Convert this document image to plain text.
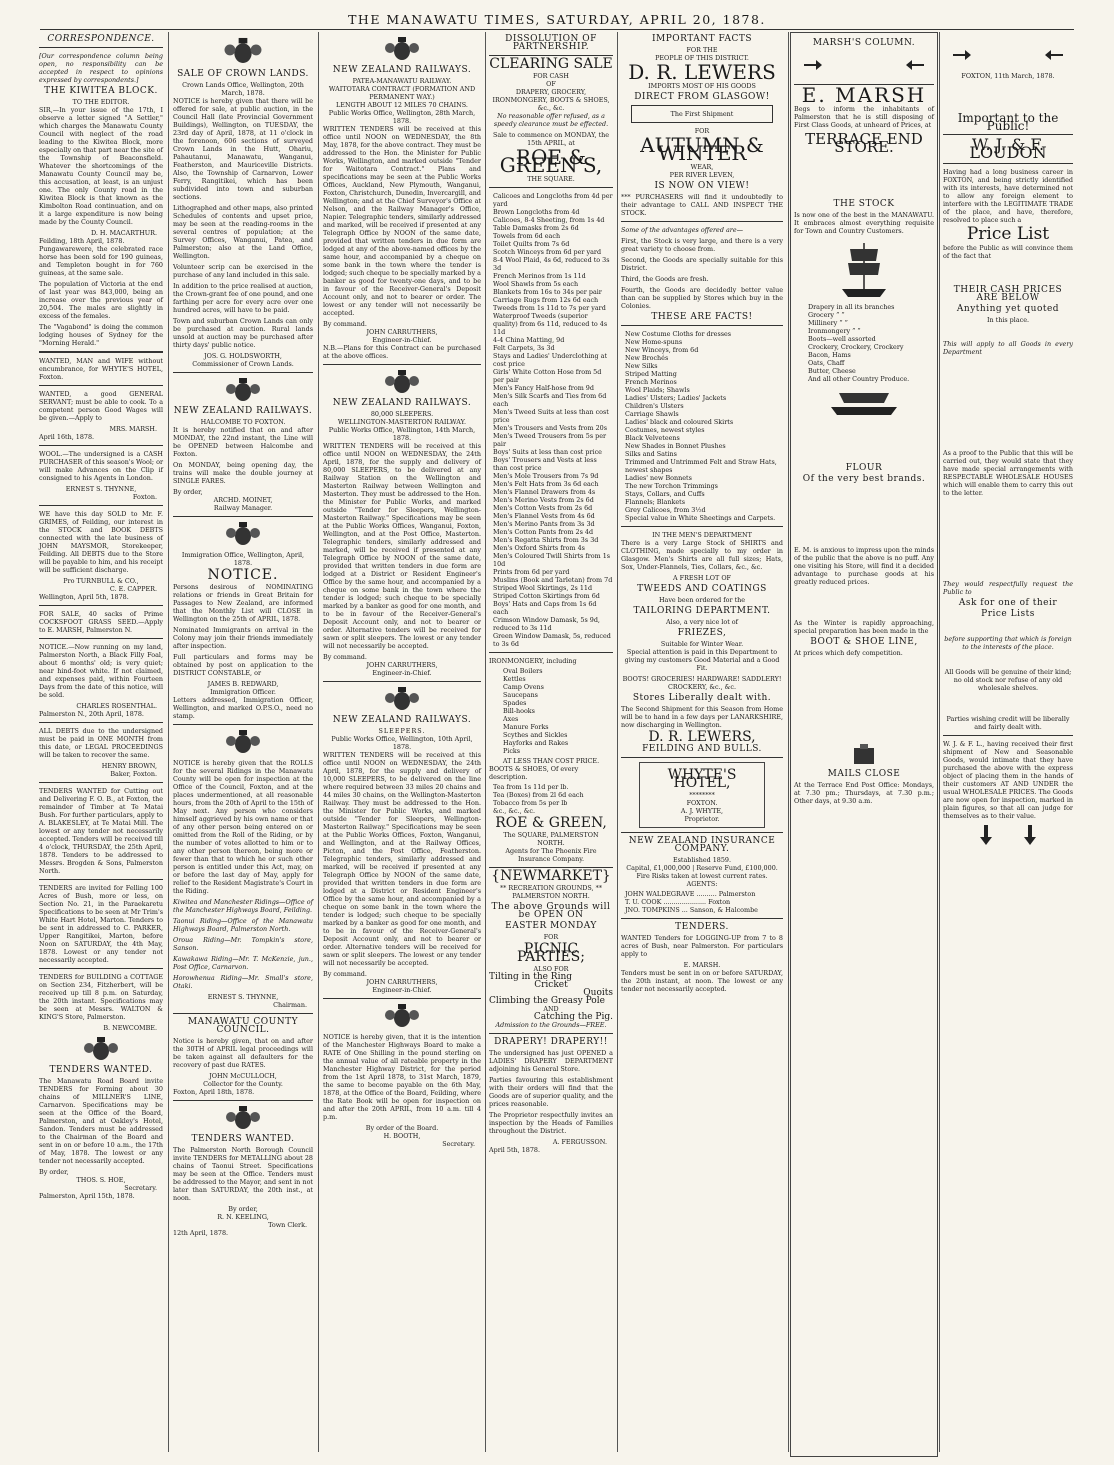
THE MANAWATU TIMES, SATURDAY, APRIL 20, 1878.
CORRESPONDENCE.

[Our correspondence column being open, no responsibility can be accepted in respect to opinions expressed by correspondents.]

THE KIWITEA BLOCK.
TO THE EDITOR.

SIR,—In your issue of the 17th, I observe a letter signed "A Settler," which charges the Manawatu County Council with neglect of the road leading to the Kiwitea Block, more especially on that part near the site of the Township of Beaconsfield. Whatever the shortcomings of the Manawatu County Council may be, this accusation, at least, is an unjust one. The only County road in the Kiwitea Block is that known as the Kimbolton Road continuation, and on it a large expenditure is now being made by the County Council.

D. H. MACARTHUR.
Feilding, 18th April, 1878.

Pungawarewere, the celebrated race horse has been sold for 190 guineas, and Templeton bought in for 760 guineas, at the same sale.

The population of Victoria at the end of last year was 843,000, being an increase over the previous year of 20,504. The males are slightly in excess of the females.

The "Vagabond" is doing the common lodging houses of Sydney for the "Morning Herald."

WANTED, MAN and WIFE without encumbrance, for WHYTE'S HOTEL, Foxton.

WANTED, a good GENERAL SERVANT; must be able to cook. To a competent person Good Wages will be given.—Apply to

MRS. MARSH.
April 16th, 1878.

WOOL.—The undersigned is a CASH PURCHASER of this season's Wool; or will make Advances on the Clip if consigned to his Agents in London.

ERNEST S. THYNNE,
Foxton.

WE have this day SOLD to Mr. F. GRIMES, of Feilding, our interest in the STOCK and BOOK DEBTS connected with the late business of JOHN MAYSMOR, Storekeeper, Feilding. All DEBTS due to the Store will be payable to him, and his receipt will be sufficient discharge.

Pro TURNBULL & CO.,
C. E. CAPPER.
Wellington, April 5th, 1878.

FOR SALE, 40 sacks of Prime COCKSFOOT GRASS SEED.—Apply to E. MARSH, Palmerston N.

NOTICE.—Now running on my land, Palmerston North, a Black Filly Foal, about 6 months' old; is very quiet; near hind-foot white. If not claimed, and expenses paid, within Fourteen Days from the date of this notice, will be sold.

CHARLES ROSENTHAL.
Palmerston N., 20th April, 1878.

ALL DEBTS due to the undersigned must be paid in ONE MONTH from this date, or LEGAL PROCEEDINGS will be taken to recover the same.

HENRY BROWN,
Baker, Foxton.

TENDERS WANTED for Cutting out and Delivering F. O. B., at Foxton, the remainder of Timber at Te Matai Bush. For further particulars, apply to A. BLAKESLEY, at Te Matai Mill. The lowest or any tender not necessarily accepted. Tenders will be received till 4 o'clock, THURSDAY, the 25th April, 1878. Tenders to be addressed to Messrs. Brogden & Sons, Palmerston North.

TENDERS are invited for Felling 100 Acres of Bush, more or less, on Section No. 21, in the Paraekaretu Specifications to be seen at Mr Trim's White Hart Hotel, Marton. Tenders to be sent in addressed to C. PARKER, Upper Rangitikei, Marton, before Noon on SATURDAY, the 4th May, 1878. Lowest or any tender not necessarily accepted.

TENDERS for BUILDING a COTTAGE on Section 234, Fitzherbert, will be received up till 8 p.m. on Saturday, the 20th instant. Specifications may be seen at Messrs. WALTON & KING'S Store, Palmerston.

B. NEWCOMBE.
TENDERS WANTED.

The Manawatu Road Board invite TENDERS for Forming about 30 chains of MILLNER'S LINE, Carnarvon. Specifications may be seen at the Office of the Board, Palmerston, and at Oakley's Hotel, Sandon. Tenders must be addressed to the Chairman of the Board and sent in on or before 10 a.m., the 17th of May, 1878. The lowest or any tender not necessarily accepted.

By order,
THOS. S. HOE,
Secretary.
Palmerston, April 15th, 1878.
SALE OF CROWN LANDS.
Crown Lands Office, Wellington, 20th March, 1878.

NOTICE is hereby given that there will be offered for sale, at public auction, in the Council Hall (late Provincial Government Buildings), Wellington, on TUESDAY, the 23rd day of April, 1878, at 11 o'clock in the forenoon, 606 sections of surveyed Crown Lands in the Hutt, Ohariu, Pahautanui, Manawatu, Wanganui, Featherston, and Mauriceville Districts. Also, the Township of Carnarvon, Lower Ferry, Rangitikei, which has been subdivided into town and suburban sections.

Lithographed and other maps, also printed Schedules of contents and upset price, may be seen at the reading-rooms in the several centres of population; at the Survey Offices, Wanganui, Patea, and Palmerston; also at the Land Office, Wellington.

Volunteer scrip can be exercised in the purchase of any land included in this sale.

In addition to the price realised at auction, the Crown-grant fee of one pound, and one farthing per acre for every acre over one hundred acres, will have to be paid.

Town and suburban Crown Lands can only be purchased at auction. Rural lands unsold at auction may be purchased after thirty days' public notice.

JOS. G. HOLDSWORTH,
Commissioner of Crown Lands.
NEW ZEALAND RAILWAYS.
HALCOMBE TO FOXTON.

It is hereby notified that on and after MONDAY, the 22nd instant, the Line will be OPENED between Halcombe and Foxton.

On MONDAY, being opening day, the trains will make the double journey at SINGLE FARES.

By order,
ARCHD. MOINET,
Railway Manager.
Immigration Office, Wellington, April, 1878.
NOTICE.

Persons desirous of NOMINATING relations or friends in Great Britain for Passages to New Zealand, are informed that the Monthly List will CLOSE in Wellington on the 25th of APRIL, 1878.

Nominated Immigrants on arrival in the Colony may join their friends immediately after inspection.

Full particulars and forms may be obtained by post on application to the DISTRICT CONSTABLE, or

JAMES B. REDWARD,
Immigration Officer.

Letters addressed, Immigration Officer, Wellington, and marked O.P.S.O., need no stamp.

NOTICE is hereby given that the ROLLS for the several Ridings in the Manawatu County will be open for inspection at the Office of the Council, Foxton, and at the places undermentioned, at all reasonable hours, from the 20th of April to the 15th of May next. Any person who considers himself aggrieved by his own name or that of any other person being entered on or omitted from the Roll of the Riding, or by the number of votes allotted to him or to any other person thereon, being more or fewer than that to which he or such other person is entitled under this Act, may, on or before the last day of May, apply for relief to the Resident Magistrate's Court in the Riding.

Kiwitea and Manchester Ridings—Office of the Manchester Highways Board, Feilding.

Taonui Riding—Office of the Manawatu Highways Board, Palmerston North.

Oroua Riding—Mr. Tompkin's store, Sanson.

Kawakawa Riding—Mr. T. McKenzie, jun., Post Office, Carnarvon.

Horowhenua Riding—Mr. Small's store, Otaki.

ERNEST S. THYNNE,
Chairman.
MANAWATU COUNTY COUNCIL.

Notice is hereby given, that on and after the 30TH of APRIL legal proceedings will be taken against all defaulters for the recovery of past due RATES.

JOHN McCULLOCH,
Collector for the County.
Foxton, April 18th, 1878.
TENDERS WANTED.

The Palmerston North Borough Council invite TENDERS for METALLING about 28 chains of Taonui Street. Specifications may be seen at the Office. Tenders must be addressed to the Mayor, and sent in not later than SATURDAY, the 20th inst., at noon.

By order,
R. N. KEELING,
Town Clerk.
12th April, 1878.
NEW ZEALAND RAILWAYS.
PATEA-MANAWATU RAILWAY.
WAITOTARA CONTRACT (FORMATION AND PERMANENT WAY.)
LENGTH ABOUT 12 MILES 70 CHAINS.
Public Works Office, Wellington, 28th March, 1878.

WRITTEN TENDERS will be received at this office until NOON on WEDNESDAY, the 8th May, 1878, for the above contract. They must be addressed to the Hon. the Minister for Public Works, Wellington, and marked outside "Tender for Waitotara Contract." Plans and specifications may be seen at the Public Works Offices, Auckland, New Plymouth, Wanganui, Foxton, Christchurch, Dunedin, Invercargill, and Wellington; and at the Chief Surveyor's Office at Nelson, and the Railway Manager's Office, Napier. Telegraphic tenders, similarly addressed and marked, will be received if presented at any Telegraph Office by NOON of the same date, provided that written tenders in due form are lodged at any of the above-named offices by the same hour, and accompanied by a cheque on some bank in the town where the tender is lodged; such cheque to be specially marked by a banker as good for twenty-one days, and to be in favour of the Receiver-General's Deposit Account only, and not to bearer or order. The lowest or any tender will not necessarily be accepted.

By command.
JOHN CARRUTHERS,
Engineer-in-Chief.

N.B.—Plans for this Contract can be purchased at the above offices.

NEW ZEALAND RAILWAYS.
80,000 SLEEPERS.
WELLINGTON-MASTERTON RAILWAY.
Public Works Office, Wellington, 14th March, 1878.

WRITTEN TENDERS will be received at this office until NOON on WEDNESDAY, the 24th April, 1878, for the supply and delivery of 80,000 SLEEPERS, to be delivered at any Railway Station on the Wellington and Masterton Railway between Wellington and Masterton. They must be addressed to the Hon. the Minister for Public Works, and marked outside "Tender for Sleepers, Wellington-Masterton Railway." Specifications may be seen at the Public Works Offices, Wanganui, Foxton, Wellington, and at the Post Office, Masterton. Telegraphic tenders, similarly addressed and marked, will be received if presented at any Telegraph Office by NOON of the same date, provided that written tenders in due form are lodged at a District or Resident Engineer's Office by the same hour, and accompanied by a cheque on some bank in the town where the tender is lodged; such cheque to be specially marked by a banker as good for one month, and to be in favour of the Receiver-General's Deposit Account only, and not to bearer or order. Alternative tenders will be received for sawn or split sleepers. The lowest or any tender will not necessarily be accepted.

By command.
JOHN CARRUTHERS,
Engineer-in-Chief.
NEW ZEALAND RAILWAYS.
SLEEPERS.
Public Works Office, Wellington, 10th April, 1878.

WRITTEN TENDERS will be received at this office until NOON on WEDNESDAY, the 24th April, 1878, for the supply and delivery of 10,000 SLEEPERS, to be delivered on the line where required between 33 miles 20 chains and 44 miles 30 chains, on the Wellington-Masterton Railway. They must be addressed to the Hon. the Minister for Public Works, and marked outside "Tender for Sleepers, Wellington-Masterton Railway." Specifications may be seen at the Public Works Offices, Foxton, Wanganui, and Wellington, and at the Railway Offices, Picton, and the Post Office, Featherston. Telegraphic tenders, similarly addressed and marked, will be received if presented at any Telegraph Office by NOON of the same date, provided that written tenders in due form are lodged at a District or Resident Engineer's Office by the same hour, and accompanied by a cheque on some bank in the town where the tender is lodged; such cheque to be specially marked by a banker as good for one month, and to be in favour of the Receiver-General's Deposit Account only, and not to bearer or order. Alternative tenders will be received for sawn or split sleepers. The lowest or any tender will not necessarily be accepted.

By command.
JOHN CARRUTHERS,
Engineer-in-Chief.

NOTICE is hereby given, that it is the intention of the Manchester Highways Board to make a RATE of One Shilling in the pound sterling on the annual value of all rateable property in the Manchester Highway District, for the period from the 1st April 1878, to 31st March, 1879, the same to become payable on the 6th May, 1878, at the Office of the Board, Feilding, where the Rate Book will be open for inspection on and after the 20th APRIL, from 10 a.m. till 4 p.m.

By order of the Board.
H. BOOTH,
Secretary.
DISSOLUTION OF PARTNERSHIP.
CLEARING SALE
FOR CASH
OF
DRAPERY, GROCERY, IRONMONGERY, BOOTS & SHOES, &c., &c.

No reasonable offer refused, as a speedy clearance must be effected.

Sale to commence on MONDAY, the 15th APRIL, at
ROE & GREEN'S,
THE SQUARE.
Calicoes and Longcloths from 4d per yard
Brown Longcloths from 4d
Calicoes, 8-4 Sheeting, from 1s 4d
Table Damasks from 2s 6d
Towels from 6d each
Toilet Quilts from 7s 6d
Scotch Winceys from 6d per yard
8-4 Wool Plaid, 4s 6d, reduced to 3s 3d
French Merinos from 1s 11d
Wool Shawls from 5s each
Blankets from 16s to 34s per pair
Carriage Rugs from 12s 6d each
Tweeds from 1s 11d to 7s per yard
Waterproof Tweeds (superior quality) from 6s 11d, reduced to 4s 11d
4-4 China Matting, 9d
Felt Carpets, 3s 3d
Stays and Ladies' Underclothing at cost price
Girls' White Cotton Hose from 5d per pair
Men's Fancy Half-hose from 9d
Men's Silk Scarfs and Ties from 6d each
Men's Tweed Suits at less than cost price
Men's Trousers and Vests from 20s
Men's Tweed Trousers from 5s per pair
Boys' Suits at less than cost price
Boys' Trousers and Vests at less than cost price
Men's Mole Trousers from 7s 9d
Men's Felt Hats from 3s 6d each
Men's Flannel Drawers from 4s
Men's Merino Vests from 2s 6d
Men's Cotton Vests from 2s 6d
Men's Flannel Vests from 4s 6d
Men's Merino Pants from 3s 3d
Men's Cotton Pants from 2s 4d
Men's Regatta Shirts from 3s 3d
Men's Oxford Shirts from 4s
Men's Coloured Twill Shirts from 1s 10d
Prints from 6d per yard
Muslins (Book and Tarletan) from 7d
Striped Wool Skirtings, 2s 11d
Striped Cotton Skirtings from 6d
Boys' Hats and Caps from 1s 6d each
Crimson Window Damask, 5s 9d, reduced to 3s 11d
Green Window Damask, 5s, reduced to 3s 6d
IRONMONGERY, including
Oval Boilers
Kettles
Camp Ovens
Saucepans
Spades
Bill-hooks
Axes
Manure Forks
Scythes and Sickles
Hayforks and Rakes
Picks
AT LESS THAN COST PRICE.
BOOTS & SHOES, Of every description.
Tea from 1s 11d per lb.
Tea (Boxes) from 2l 6d each
Tobacco from 5s per lb
&c., &c., &c.
ROE & GREEN,
The SQUARE, PALMERSTON NORTH.
Agents for The Phoenix Fire Insurance Company.
{NEWMARKET}
** RECREATION GROUNDS, **
PALMERSTON NORTH.
The above Grounds will be OPEN ON
EASTER MONDAY
FOR
PICNIC PARTIES;
ALSO FOR
Tilting in the Ring
Cricket
Quoits
Climbing the Greasy Pole
AND
Catching the Pig.
Admission to the Grounds—FREE.
DRAPERY! DRAPERY!!

The undersigned has just OPENED a LADIES' DRAPERY DEPARTMENT adjoining his General Store.

Parties favouring this establishment with their orders will find that the Goods are of superior quality, and the prices reasonable.

The Proprietor respectfully invites an inspection by the Heads of Families throughout the District.

A. FERGUSSON.
April 5th, 1878.
IMPORTANT FACTS
FOR THE
PEOPLE OF THIS DISTRICT.
D. R. LEWERS
IMPORTS MOST OF HIS GOODS
DIRECT FROM GLASGOW!
The First Shipment
FOR
AUTUMN & WINTER
WEAR,
PER RIVER LEVEN,
IS NOW ON VIEW!

*** PURCHASERS will find it undoubtedly to their advantage to CALL AND INSPECT THE STOCK.

Some of the advantages offered are—

First, the Stock is very large, and there is a very great variety to choose from.

Second, the Goods are specially suitable for this District.

Third, the Goods are fresh.

Fourth, the Goods are decidedly better value than can be supplied by Stores which buy in the Colonies.

THESE ARE FACTS!
New Costume Cloths for dresses
New Home-spuns
New Winceys, from 6d
New Brochés
New Silks
Striped Matting
French Merinos
Wool Plaids; Shawls
Ladies' Ulsters; Ladies' Jackets
Children's Ulsters
Carriage Shawls
Ladies' black and coloured Skirts
Costumes, newest styles
Black Velveteens
New Shades in Bonnet Plushes
Silks and Satins
Trimmed and Untrimmed Felt and Straw Hats, newest shapes
Ladies' new Bonnets
The new Torchon Trimmings
Stays, Collars, and Cuffs
Flannels; Blankets
Grey Calicoes, from 3½d
Special value in White Sheetings and Carpets.
IN THE MEN'S DEPARTMENT

There is a very Large Stock of SHIRTS and CLOTHING, made specially to my order in Glasgow. Men's Shirts are all full sizes; Hats, Sox, Under-Flannels, Ties, Collars, &c., &c.

A FRESH LOT OF
TWEEDS AND COATINGS
Have been ordered for the
TAILORING DEPARTMENT.
Also, a very nice lot of
FRIEZES,
Suitable for Winter Wear.

Special attention is paid in this Department to giving my customers Good Material and a Good Fit.

BOOTS! GROCERIES! HARDWARE! SADDLERY! CROCKERY, &c., &c.

Stores Liberally dealt with.

The Second Shipment for this Season from Home will be to hand in a few days per LANARKSHIRE, now discharging in Wellington.

D. R. LEWERS,
FEILDING AND BULLS.
WHYTE'S HOTEL,
********
FOXTON.
A. J. WHYTE,
Proprietor.
NEW ZEALAND INSURANCE COMPANY.
Established 1859.
Capital, £1,000,000 | Reserve Fund, £100,000.
Fire Risks taken at lowest current rates.
AGENTS:
JOHN WALDEGRAVE .......... Palmerston
T. U. COOK ..................... Foxton
JNO. TOMPKINS ... Sanson, & Halcombe
TENDERS.

WANTED Tenders for LOGGING-UP from 7 to 8 acres of Bush, near Palmerston. For particulars apply to

E. MARSH.

Tenders must be sent in on or before SATURDAY, the 20th instant, at noon. The lowest or any tender not necessarily accepted.

MARSH'S COLUMN.
E. MARSH

Begs to inform the inhabitants of Palmerston that he is still disposing of First Class Goods, at unheard of Prices, at

TERRACE END STORE.
THE STOCK

Is now one of the best in the MANAWATU. It embraces almost everything requisite for Town and Country Customers.

Drapery in all its branches
Grocery ” ”
Millinery ” ”
Ironmongery ” ”
Boots—well assorted
Crockery, Crockery, Crockery
Bacon, Hams
Oats, Chaff
Butter, Cheese
And all other Country Produce.
FLOUR
Of the very best brands.

E. M. is anxious to impress upon the minds of the public that the above is no puff. Any one visiting his Store, will find it a decided advantage to purchase goods at his greatly reduced prices.

As the Winter is rapidly approaching, special preparation has been made in the

BOOT & SHOE LINE,

At prices which defy competition.

MAILS CLOSE

At the Terrace End Post Office: Mondays, at 7.30 pm.; Thursdays, at 7.30 p.m.; Other days, at 9.30 a.m.

FOXTON, 11th March, 1878.
Important to the Public!
W. J. & F. LOUDON

Having had a long business career in FOXTON, and being strictly identified with its interests, have determined not to allow any foreign element to interfere with the LEGITIMATE TRADE of the place, and have, therefore, resolved to place such a

Price List

before the Public as will convince them of the fact that

THEIR CASH PRICES ARE BELOW
Anything yet quoted
In this place.

This will apply to all Goods in every Department

As a proof to the Public that this will be carried out, they would state that they have made special arrangements with RESPECTABLE WHOLESALE HOUSES which will enable them to carry this out to the letter.

They would respectfully request the Public to

Ask for one of their
Price Lists

before supporting that which is foreign to the interests of the place.

All Goods will be genuine of their kind; no old stock nor refuse of any old wholesale shelves.

Parties wishing credit will be liberally and fairly dealt with.

W. J. & F. L., having received their first shipment of New and Seasonable Goods, would intimate that they have purchased the above with the express object of placing them in the hands of their customers AT AND UNDER the usual WHOLESALE PRICES. The Goods are now open for inspection, marked in plain figures, so that all can judge for themselves as to their value.
